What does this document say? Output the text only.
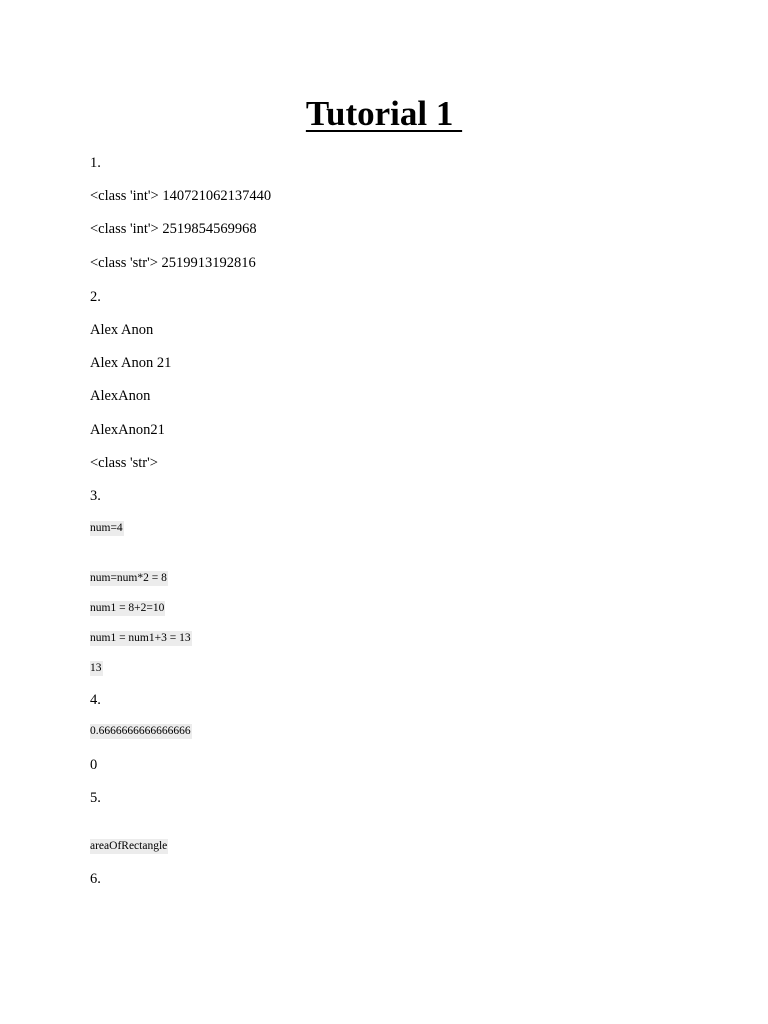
Tutorial 1
1.
<class 'int'> 140721062137440
<class 'int'> 2519854569968
<class 'str'> 2519913192816
2.
Alex Anon
Alex Anon 21
AlexAnon
AlexAnon21
<class 'str'>
3.
num=4
num=num*2 = 8
num1 = 8+2=10
num1 = num1+3 = 13
13
4.
0.6666666666666666
0
5.
areaOfRectangle
6.
